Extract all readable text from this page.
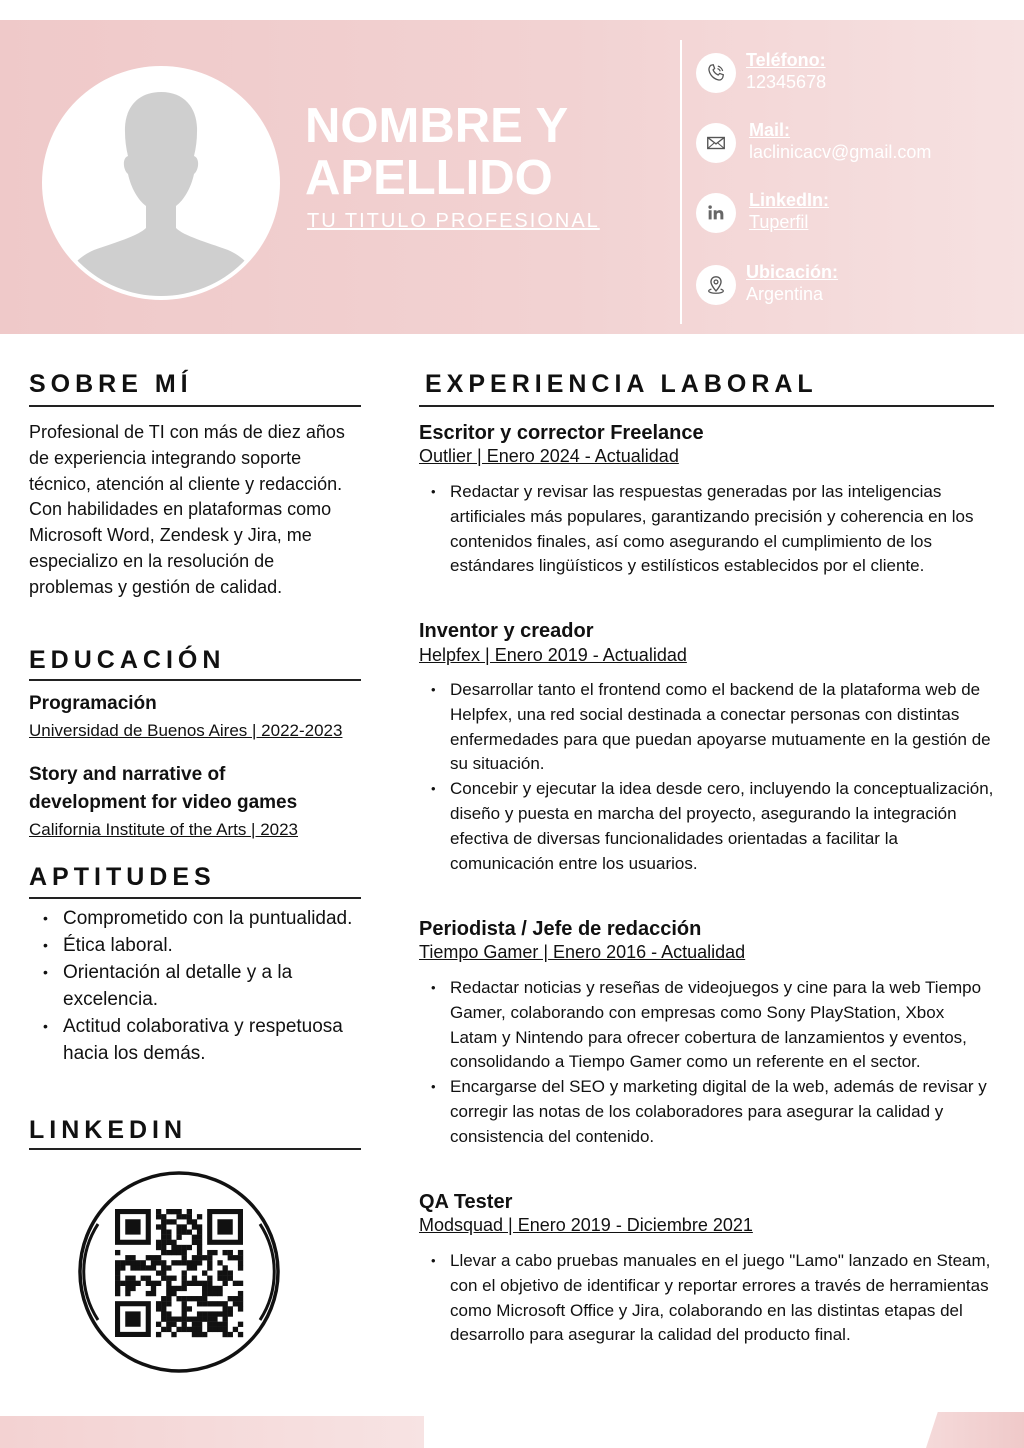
NOMBRE Y APELLIDO
TU TITULO PROFESIONAL
Teléfono:
12345678
Mail:
laclinicacv@gmail.com
LinkedIn:
Tuperfil
Ubicación:
Argentina
SOBRE MÍ
Profesional de TI con más de diez años de experiencia integrando soporte técnico, atención al cliente y redacción. Con habilidades en plataformas como Microsoft Word, Zendesk y Jira, me especializo en la resolución de problemas y gestión de calidad.
EDUCACIÓN
Programación
Universidad de Buenos Aires | 2022-2023
Story and narrative of development for video games
California Institute of the Arts | 2023
APTITUDES
• Comprometido con la puntualidad.
• Ética laboral.
• Orientación al detalle y a la excelencia.
• Actitud colaborativa y respetuosa hacia los demás.
LINKEDIN
EXPERIENCIA LABORAL
Escritor y corrector Freelance
Outlier | Enero 2024 - Actualidad
• Redactar y revisar las respuestas generadas por las inteligencias artificiales más populares, garantizando precisión y coherencia en los contenidos finales, así como asegurando el cumplimiento de los estándares lingüísticos y estilísticos establecidos por el cliente.
Inventor y creador
Helpfex | Enero 2019 - Actualidad
• Desarrollar tanto el frontend como el backend de la plataforma web de Helpfex, una red social destinada a conectar personas con distintas enfermedades para que puedan apoyarse mutuamente en la gestión de su situación.
• Concebir y ejecutar la idea desde cero, incluyendo la conceptualización, diseño y puesta en marcha del proyecto, asegurando la integración efectiva de diversas funcionalidades orientadas a facilitar la comunicación entre los usuarios.
Periodista / Jefe de redacción
Tiempo Gamer | Enero 2016 - Actualidad
• Redactar noticias y reseñas de videojuegos y cine para la web Tiempo Gamer, colaborando con empresas como Sony PlayStation, Xbox Latam y Nintendo para ofrecer cobertura de lanzamientos y eventos, consolidando a Tiempo Gamer como un referente en el sector.
• Encargarse del SEO y marketing digital de la web, además de revisar y corregir las notas de los colaboradores para asegurar la calidad y consistencia del contenido.
QA Tester
Modsquad | Enero 2019 - Diciembre 2021
• Llevar a cabo pruebas manuales en el juego "Lamo" lanzado en Steam, con el objetivo de identificar y reportar errores a través de herramientas como Microsoft Office y Jira, colaborando en las distintas etapas del desarrollo para asegurar la calidad del producto final.
